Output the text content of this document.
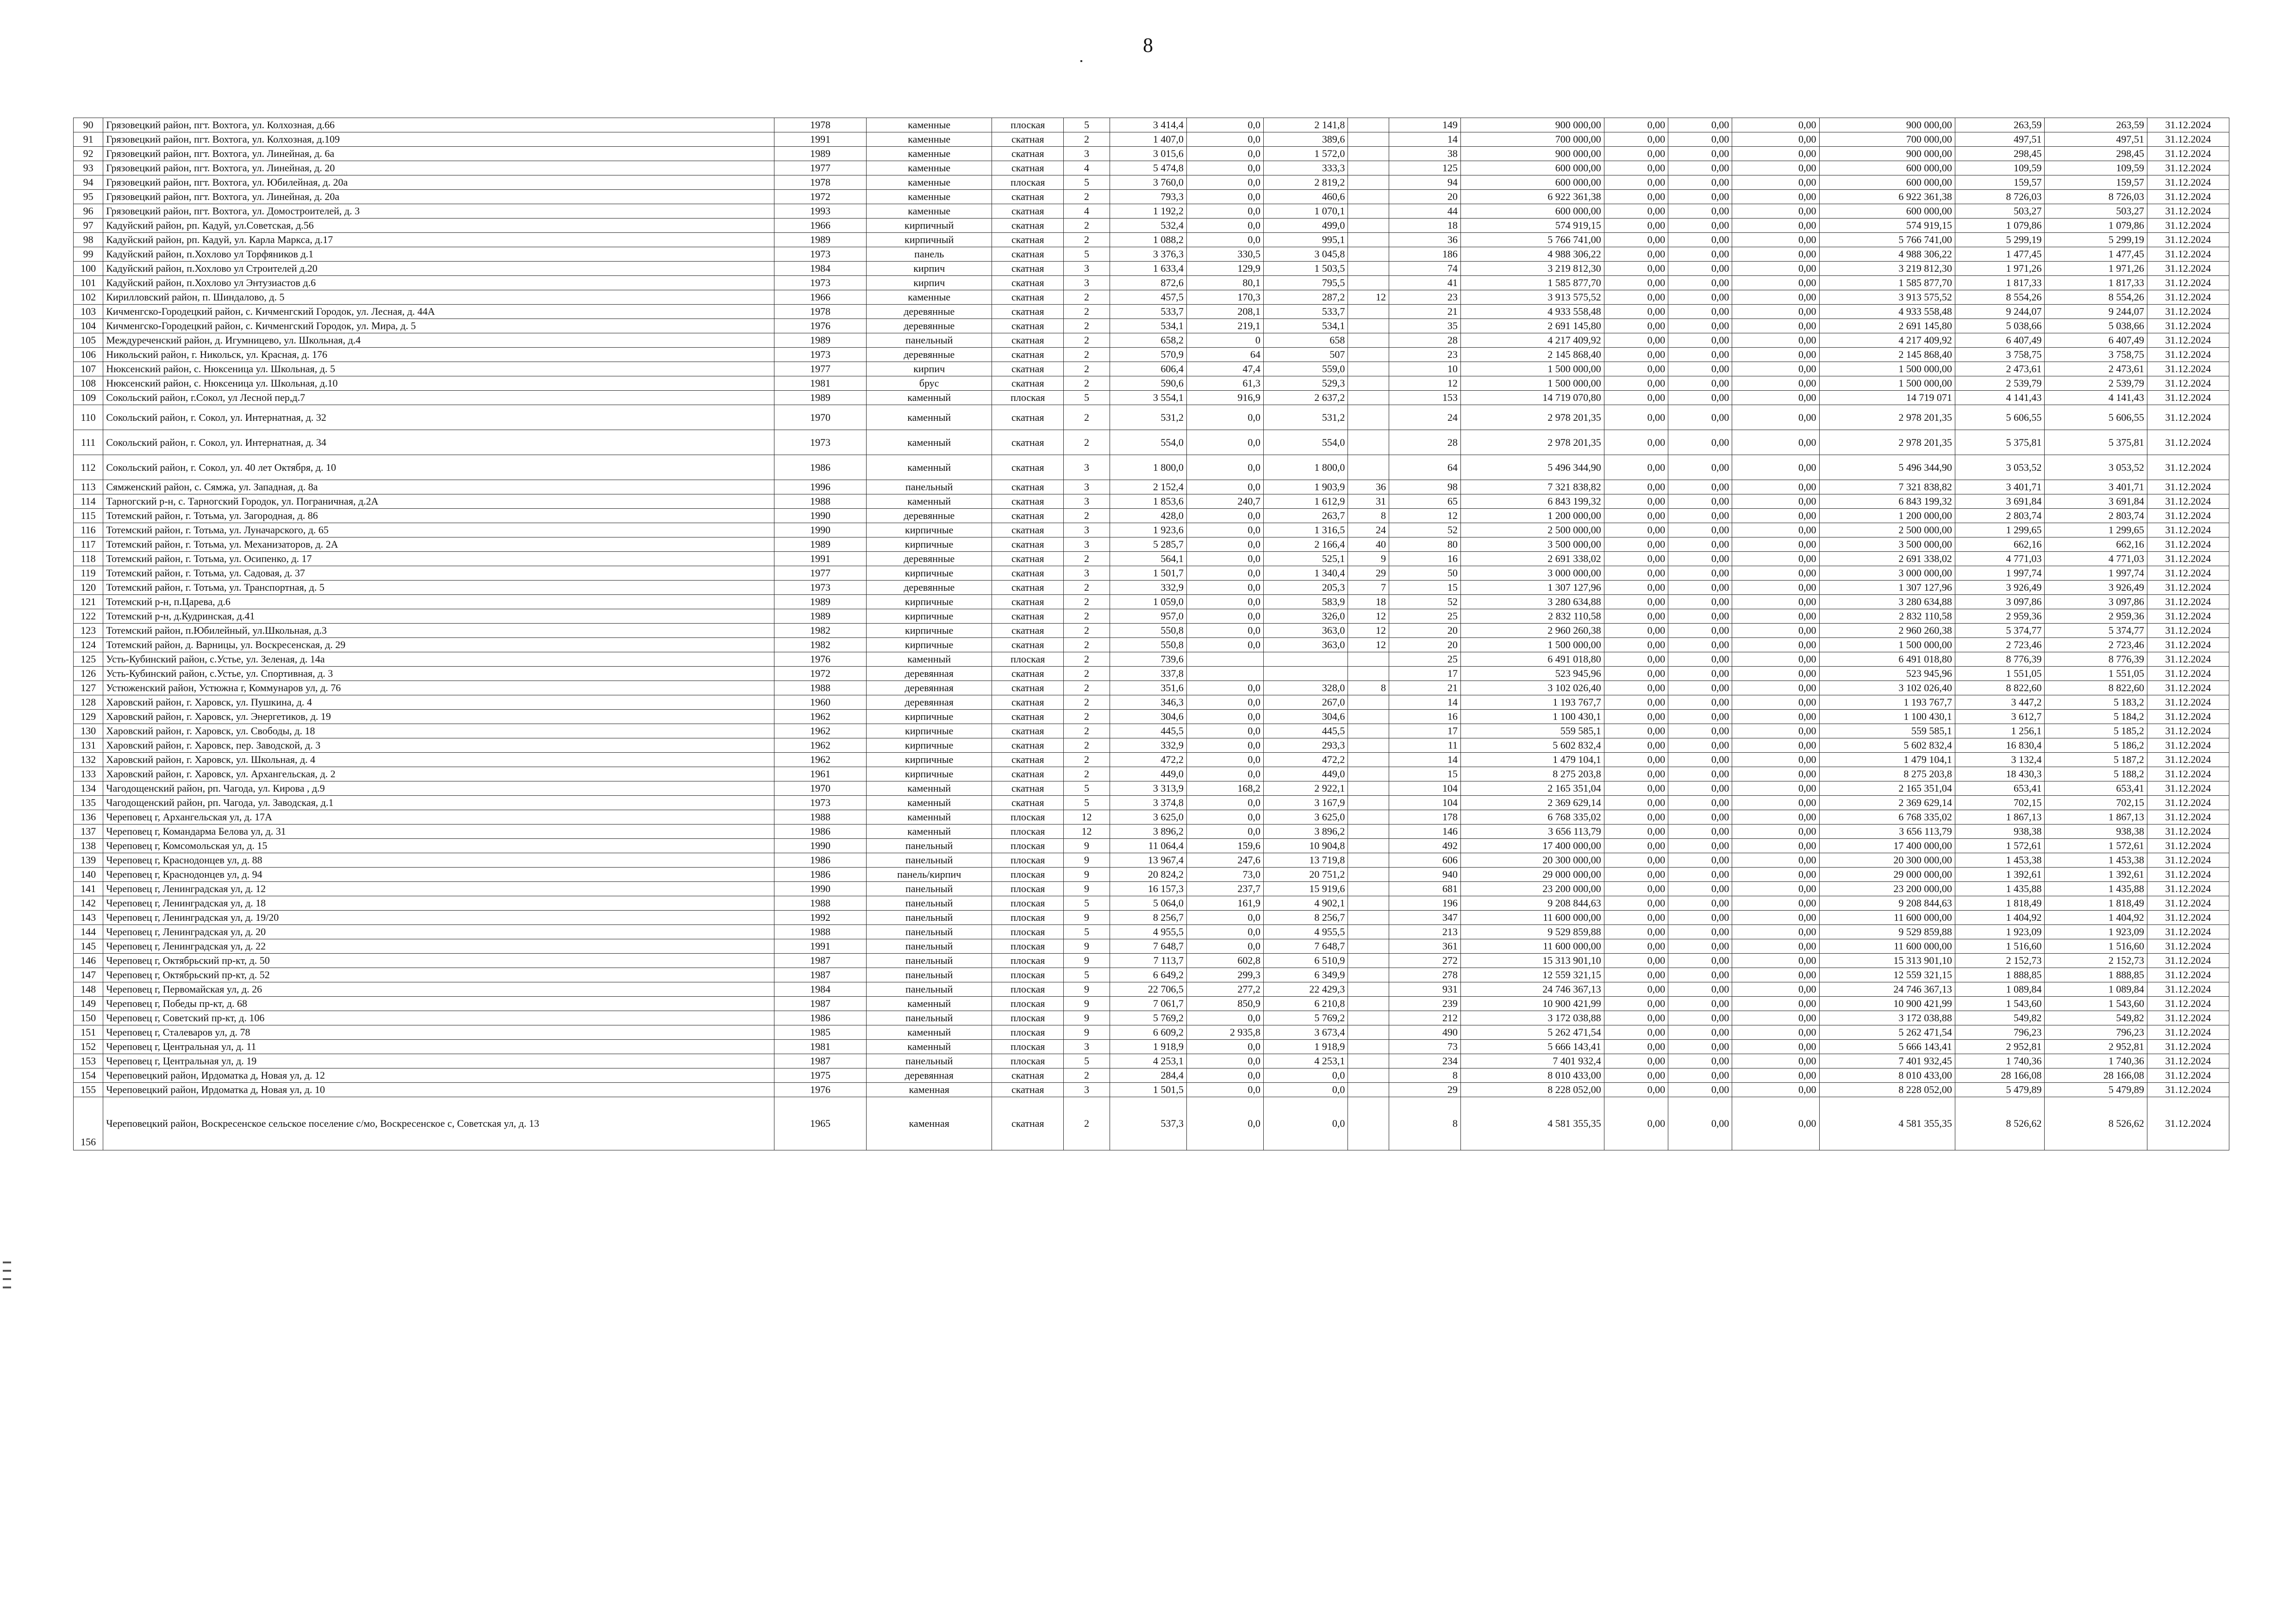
8
90	Грязовецкий район, пгт. Вохтога, ул. Колхозная, д.66	1978	каменные	плоская	5	3 414,4	0,0	2 141,8		149	900 000,00	0,00	0,00	0,00	900 000,00	263,59	263,59	31.12.2024
91	Грязовецкий район, пгт. Вохтога, ул. Колхозная, д.109	1991	каменные	скатная	2	1 407,0	0,0	389,6		14	700 000,00	0,00	0,00	0,00	700 000,00	497,51	497,51	31.12.2024
92	Грязовецкий район, пгт. Вохтога, ул. Линейная, д. 6а	1989	каменные	скатная	3	3 015,6	0,0	1 572,0		38	900 000,00	0,00	0,00	0,00	900 000,00	298,45	298,45	31.12.2024
93	Грязовецкий район, пгт. Вохтога, ул. Линейная, д. 20	1977	каменные	скатная	4	5 474,8	0,0	333,3		125	600 000,00	0,00	0,00	0,00	600 000,00	109,59	109,59	31.12.2024
94	Грязовецкий район, пгт. Вохтога, ул. Юбилейная, д. 20а	1978	каменные	плоская	5	3 760,0	0,0	2 819,2		94	600 000,00	0,00	0,00	0,00	600 000,00	159,57	159,57	31.12.2024
95	Грязовецкий район, пгт. Вохтога, ул. Линейная, д. 20а	1972	каменные	скатная	2	793,3	0,0	460,6		20	6 922 361,38	0,00	0,00	0,00	6 922 361,38	8 726,03	8 726,03	31.12.2024
96	Грязовецкий район, пгт. Вохтога, ул. Домостроителей, д. 3	1993	каменные	скатная	4	1 192,2	0,0	1 070,1		44	600 000,00	0,00	0,00	0,00	600 000,00	503,27	503,27	31.12.2024
97	Кадуйский район, рп. Кадуй, ул.Советская, д.56	1966	кирпичный	скатная	2	532,4	0,0	499,0		18	574 919,15	0,00	0,00	0,00	574 919,15	1 079,86	1 079,86	31.12.2024
98	Кадуйский район, рп. Кадуй, ул. Карла Маркса, д.17	1989	кирпичный	скатная	2	1 088,2	0,0	995,1		36	5 766 741,00	0,00	0,00	0,00	5 766 741,00	5 299,19	5 299,19	31.12.2024
99	Кадуйский район, п.Хохлово ул Торфяников д.1	1973	панель	скатная	5	3 376,3	330,5	3 045,8		186	4 988 306,22	0,00	0,00	0,00	4 988 306,22	1 477,45	1 477,45	31.12.2024
100	Кадуйский район, п.Хохлово ул Строителей д.20	1984	кирпич	скатная	3	1 633,4	129,9	1 503,5		74	3 219 812,30	0,00	0,00	0,00	3 219 812,30	1 971,26	1 971,26	31.12.2024
101	Кадуйский район, п.Хохлово ул Энтузиастов д.6	1973	кирпич	скатная	3	872,6	80,1	795,5		41	1 585 877,70	0,00	0,00	0,00	1 585 877,70	1 817,33	1 817,33	31.12.2024
102	Кирилловский район, п. Шиндалово, д. 5	1966	каменные	скатная	2	457,5	170,3	287,2	12	23	3 913 575,52	0,00	0,00	0,00	3 913 575,52	8 554,26	8 554,26	31.12.2024
103	Кичменгско-Городецкий район, с. Кичменгский Городок, ул. Лесная, д. 44А	1978	деревянные	скатная	2	533,7	208,1	533,7		21	4 933 558,48	0,00	0,00	0,00	4 933 558,48	9 244,07	9 244,07	31.12.2024
104	Кичменгско-Городецкий район, с. Кичменгский Городок, ул. Мира, д. 5	1976	деревянные	скатная	2	534,1	219,1	534,1		35	2 691 145,80	0,00	0,00	0,00	2 691 145,80	5 038,66	5 038,66	31.12.2024
105	Междуреченский район, д. Игумницево, ул. Школьная, д.4	1989	панельный	скатная	2	658,2	0	658		28	4 217 409,92	0,00	0,00	0,00	4 217 409,92	6 407,49	6 407,49	31.12.2024
106	Никольский район, г. Никольск, ул. Красная, д. 176	1973	деревянные	скатная	2	570,9	64	507		23	2 145 868,40	0,00	0,00	0,00	2 145 868,40	3 758,75	3 758,75	31.12.2024
107	Нюксенский район, с. Нюксеница ул. Школьная, д. 5	1977	кирпич	скатная	2	606,4	47,4	559,0		10	1 500 000,00	0,00	0,00	0,00	1 500 000,00	2 473,61	2 473,61	31.12.2024
108	Нюксенский район, с. Нюксеница ул. Школьная, д.10	1981	брус	скатная	2	590,6	61,3	529,3		12	1 500 000,00	0,00	0,00	0,00	1 500 000,00	2 539,79	2 539,79	31.12.2024
109	Сокольский район, г.Сокол, ул Лесной пер,д.7	1989	каменный	плоская	5	3 554,1	916,9	2 637,2		153	14 719 070,80	0,00	0,00	0,00	14 719 071	4 141,43	4 141,43	31.12.2024
110	Сокольский район, г. Сокол, ул. Интернатная, д. 32	1970	каменный	скатная	2	531,2	0,0	531,2		24	2 978 201,35	0,00	0,00	0,00	2 978 201,35	5 606,55	5 606,55	31.12.2024
111	Сокольский район, г. Сокол, ул. Интернатная, д. 34	1973	каменный	скатная	2	554,0	0,0	554,0		28	2 978 201,35	0,00	0,00	0,00	2 978 201,35	5 375,81	5 375,81	31.12.2024
112	Сокольский район, г. Сокол, ул. 40 лет Октября, д. 10	1986	каменный	скатная	3	1 800,0	0,0	1 800,0		64	5 496 344,90	0,00	0,00	0,00	5 496 344,90	3 053,52	3 053,52	31.12.2024
113	Сямженский район, с. Сямжа, ул. Западная, д. 8а	1996	панельный	скатная	3	2 152,4	0,0	1 903,9	36	98	7 321 838,82	0,00	0,00	0,00	7 321 838,82	3 401,71	3 401,71	31.12.2024
114	Тарногский р-н, с. Тарногский Городок, ул. Пограничная, д.2А	1988	каменный	скатная	3	1 853,6	240,7	1 612,9	31	65	6 843 199,32	0,00	0,00	0,00	6 843 199,32	3 691,84	3 691,84	31.12.2024
115	Тотемский район, г. Тотьма, ул. Загородная, д. 86	1990	деревянные	скатная	2	428,0	0,0	263,7	8	12	1 200 000,00	0,00	0,00	0,00	1 200 000,00	2 803,74	2 803,74	31.12.2024
116	Тотемский район, г. Тотьма, ул. Луначарского, д. 65	1990	кирпичные	скатная	3	1 923,6	0,0	1 316,5	24	52	2 500 000,00	0,00	0,00	0,00	2 500 000,00	1 299,65	1 299,65	31.12.2024
117	Тотемский район, г. Тотьма, ул. Механизаторов, д. 2А	1989	кирпичные	скатная	3	5 285,7	0,0	2 166,4	40	80	3 500 000,00	0,00	0,00	0,00	3 500 000,00	662,16	662,16	31.12.2024
118	Тотемский район, г. Тотьма, ул. Осипенко, д. 17	1991	деревянные	скатная	2	564,1	0,0	525,1	9	16	2 691 338,02	0,00	0,00	0,00	2 691 338,02	4 771,03	4 771,03	31.12.2024
119	Тотемский район, г. Тотьма, ул. Садовая, д. 37	1977	кирпичные	скатная	3	1 501,7	0,0	1 340,4	29	50	3 000 000,00	0,00	0,00	0,00	3 000 000,00	1 997,74	1 997,74	31.12.2024
120	Тотемский район, г. Тотьма, ул. Транспортная, д. 5	1973	деревянные	скатная	2	332,9	0,0	205,3	7	15	1 307 127,96	0,00	0,00	0,00	1 307 127,96	3 926,49	3 926,49	31.12.2024
121	Тотемский р-н, п.Царева, д.6	1989	кирпичные	скатная	2	1 059,0	0,0	583,9	18	52	3 280 634,88	0,00	0,00	0,00	3 280 634,88	3 097,86	3 097,86	31.12.2024
122	Тотемский р-н, д.Кудринская, д.41	1989	кирпичные	скатная	2	957,0	0,0	326,0	12	25	2 832 110,58	0,00	0,00	0,00	2 832 110,58	2 959,36	2 959,36	31.12.2024
123	Тотемский район, п.Юбилейный, ул.Школьная, д.3	1982	кирпичные	скатная	2	550,8	0,0	363,0	12	20	2 960 260,38	0,00	0,00	0,00	2 960 260,38	5 374,77	5 374,77	31.12.2024
124	Тотемский район, д. Варницы, ул. Воскресенская, д. 29	1982	кирпичные	скатная	2	550,8	0,0	363,0	12	20	1 500 000,00	0,00	0,00	0,00	1 500 000,00	2 723,46	2 723,46	31.12.2024
125	Усть-Кубинский район, с.Устье, ул. Зеленая, д. 14а	1976	каменный	плоская	2	739,6				25	6 491 018,80	0,00	0,00	0,00	6 491 018,80	8 776,39	8 776,39	31.12.2024
126	Усть-Кубинский район, с.Устье, ул. Спортивная, д. 3	1972	деревянная	скатная	2	337,8				17	523 945,96	0,00	0,00	0,00	523 945,96	1 551,05	1 551,05	31.12.2024
127	Устюженский район, Устюжна г, Коммунаров ул, д. 76	1988	деревянная	скатная	2	351,6	0,0	328,0	8	21	3 102 026,40	0,00	0,00	0,00	3 102 026,40	8 822,60	8 822,60	31.12.2024
128	Харовский район, г. Харовск, ул. Пушкина, д. 4	1960	деревянная	скатная	2	346,3	0,0	267,0		14	1 193 767,7	0,00	0,00	0,00	1 193 767,7	3 447,2	5 183,2	31.12.2024
129	Харовский район, г. Харовск, ул. Энергетиков, д. 19	1962	кирпичные	скатная	2	304,6	0,0	304,6		16	1 100 430,1	0,00	0,00	0,00	1 100 430,1	3 612,7	5 184,2	31.12.2024
130	Харовский район, г. Харовск, ул. Свободы, д. 18	1962	кирпичные	скатная	2	445,5	0,0	445,5		17	559 585,1	0,00	0,00	0,00	559 585,1	1 256,1	5 185,2	31.12.2024
131	Харовский район, г. Харовск, пер. Заводской, д. 3	1962	кирпичные	скатная	2	332,9	0,0	293,3		11	5 602 832,4	0,00	0,00	0,00	5 602 832,4	16 830,4	5 186,2	31.12.2024
132	Харовский район, г. Харовск, ул. Школьная, д. 4	1962	кирпичные	скатная	2	472,2	0,0	472,2		14	1 479 104,1	0,00	0,00	0,00	1 479 104,1	3 132,4	5 187,2	31.12.2024
133	Харовский район, г. Харовск, ул. Архангельская, д. 2	1961	кирпичные	скатная	2	449,0	0,0	449,0		15	8 275 203,8	0,00	0,00	0,00	8 275 203,8	18 430,3	5 188,2	31.12.2024
134	Чагодощенский район, рп. Чагода, ул. Кирова , д.9	1970	каменный	скатная	5	3 313,9	168,2	2 922,1		104	2 165 351,04	0,00	0,00	0,00	2 165 351,04	653,41	653,41	31.12.2024
135	Чагодощенский район, рп. Чагода, ул. Заводская, д.1	1973	каменный	скатная	5	3 374,8	0,0	3 167,9		104	2 369 629,14	0,00	0,00	0,00	2 369 629,14	702,15	702,15	31.12.2024
136	Череповец г, Архангельская ул, д. 17А	1988	каменный	плоская	12	3 625,0	0,0	3 625,0		178	6 768 335,02	0,00	0,00	0,00	6 768 335,02	1 867,13	1 867,13	31.12.2024
137	Череповец г, Командарма Белова ул, д. 31	1986	каменный	плоская	12	3 896,2	0,0	3 896,2		146	3 656 113,79	0,00	0,00	0,00	3 656 113,79	938,38	938,38	31.12.2024
138	Череповец г, Комсомольская ул, д. 15	1990	панельный	плоская	9	11 064,4	159,6	10 904,8		492	17 400 000,00	0,00	0,00	0,00	17 400 000,00	1 572,61	1 572,61	31.12.2024
139	Череповец г, Краснодонцев ул, д. 88	1986	панельный	плоская	9	13 967,4	247,6	13 719,8		606	20 300 000,00	0,00	0,00	0,00	20 300 000,00	1 453,38	1 453,38	31.12.2024
140	Череповец г, Краснодонцев ул, д. 94	1986	панель/кирпич	плоская	9	20 824,2	73,0	20 751,2		940	29 000 000,00	0,00	0,00	0,00	29 000 000,00	1 392,61	1 392,61	31.12.2024
141	Череповец г, Ленинградская ул, д. 12	1990	панельный	плоская	9	16 157,3	237,7	15 919,6		681	23 200 000,00	0,00	0,00	0,00	23 200 000,00	1 435,88	1 435,88	31.12.2024
142	Череповец г, Ленинградская ул, д. 18	1988	панельный	плоская	5	5 064,0	161,9	4 902,1		196	9 208 844,63	0,00	0,00	0,00	9 208 844,63	1 818,49	1 818,49	31.12.2024
143	Череповец г, Ленинградская ул, д. 19/20	1992	панельный	плоская	9	8 256,7	0,0	8 256,7		347	11 600 000,00	0,00	0,00	0,00	11 600 000,00	1 404,92	1 404,92	31.12.2024
144	Череповец г, Ленинградская ул, д. 20	1988	панельный	плоская	5	4 955,5	0,0	4 955,5		213	9 529 859,88	0,00	0,00	0,00	9 529 859,88	1 923,09	1 923,09	31.12.2024
145	Череповец г, Ленинградская ул, д. 22	1991	панельный	плоская	9	7 648,7	0,0	7 648,7		361	11 600 000,00	0,00	0,00	0,00	11 600 000,00	1 516,60	1 516,60	31.12.2024
146	Череповец г, Октябрьский пр-кт, д. 50	1987	панельный	плоская	9	7 113,7	602,8	6 510,9		272	15 313 901,10	0,00	0,00	0,00	15 313 901,10	2 152,73	2 152,73	31.12.2024
147	Череповец г, Октябрьский пр-кт, д. 52	1987	панельный	плоская	5	6 649,2	299,3	6 349,9		278	12 559 321,15	0,00	0,00	0,00	12 559 321,15	1 888,85	1 888,85	31.12.2024
148	Череповец г, Первомайская ул, д. 26	1984	панельный	плоская	9	22 706,5	277,2	22 429,3		931	24 746 367,13	0,00	0,00	0,00	24 746 367,13	1 089,84	1 089,84	31.12.2024
149	Череповец г, Победы пр-кт, д. 68	1987	каменный	плоская	9	7 061,7	850,9	6 210,8		239	10 900 421,99	0,00	0,00	0,00	10 900 421,99	1 543,60	1 543,60	31.12.2024
150	Череповец г, Советский пр-кт, д. 106	1986	панельный	плоская	9	5 769,2	0,0	5 769,2		212	3 172 038,88	0,00	0,00	0,00	3 172 038,88	549,82	549,82	31.12.2024
151	Череповец г, Сталеваров ул, д. 78	1985	каменный	плоская	9	6 609,2	2 935,8	3 673,4		490	5 262 471,54	0,00	0,00	0,00	5 262 471,54	796,23	796,23	31.12.2024
152	Череповец г, Центральная ул, д. 11	1981	каменный	плоская	3	1 918,9	0,0	1 918,9		73	5 666 143,41	0,00	0,00	0,00	5 666 143,41	2 952,81	2 952,81	31.12.2024
153	Череповец г, Центральная ул, д. 19	1987	панельный	плоская	5	4 253,1	0,0	4 253,1		234	7 401 932,4	0,00	0,00	0,00	7 401 932,45	1 740,36	1 740,36	31.12.2024
154	Череповецкий район, Ирдоматка д, Новая ул, д. 12	1975	деревянная	скатная	2	284,4	0,0	0,0		8	8 010 433,00	0,00	0,00	0,00	8 010 433,00	28 166,08	28 166,08	31.12.2024
155	Череповецкий район, Ирдоматка д, Новая ул, д. 10	1976	каменная	скатная	3	1 501,5	0,0	0,0		29	8 228 052,00	0,00	0,00	0,00	8 228 052,00	5 479,89	5 479,89	31.12.2024
156	Череповецкий район, Воскресенское сельское поселение с/мо, Воскресенское с, Советская ул, д. 13	1965	каменная	скатная	2	537,3	0,0	0,0		8	4 581 355,35	0,00	0,00	0,00	4 581 355,35	8 526,62	8 526,62	31.12.2024
